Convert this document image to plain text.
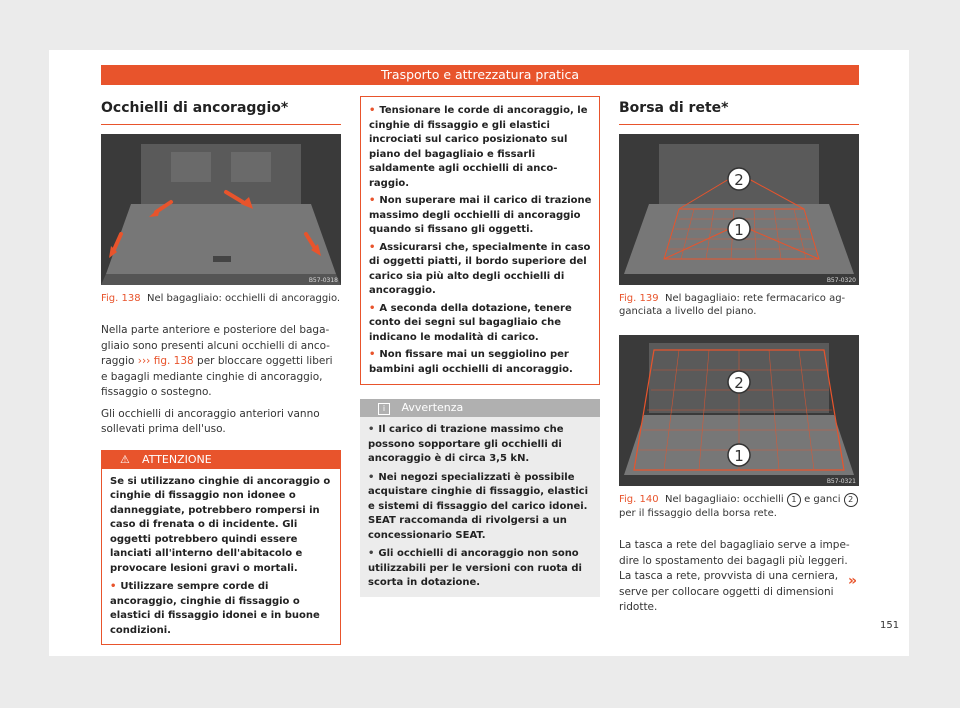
Trasporto e attrezzatura pratica
Occhielli di ancoraggio*
B57-0318
Fig. 138 Nel bagagliaio: occhielli di ancoraggio.

Nella parte anteriore e posteriore del bagagliaio sono presenti alcuni occhielli di ancoraggio ››› fig. 138 per bloccare oggetti liberi e bagagli mediante cinghie di ancoraggio, fissaggio o sostegno.

Gli occhielli di ancoraggio anteriori vanno sollevati prima dell'uso.

⚠ ATTENZIONE

Se si utilizzano cinghie di ancoraggio o cinghie di fissaggio non idonee o danneggiate, potrebbero rompersi in caso di frenata o di incidente. Gli oggetti potrebbero quindi essere lanciati all'interno dell'abitacolo e provocare lesioni gravi o mortali.

• Utilizzare sempre corde di ancoraggio, cinghie di fissaggio o elastici di fissaggio idonei e in buone condizioni.

• Tensionare le corde di ancoraggio, le cinghie di fissaggio e gli elastici incrociati sul carico posizionato sul piano del bagagliaio e fissarli saldamente agli occhielli di ancoraggio.

• Non superare mai il carico di trazione massimo degli occhielli di ancoraggio quando si fissano gli oggetti.

• Assicurarsi che, specialmente in caso di oggetti piatti, il bordo superiore del carico sia più alto degli occhielli di ancoraggio.

• A seconda della dotazione, tenere conto dei segni sul bagagliaio che indicano le modalità di carico.

• Non fissare mai un seggiolino per bambini agli occhielli di ancoraggio.

i Avvertenza

• Il carico di trazione massimo che possono sopportare gli occhielli di ancoraggio è di circa 3,5 kN.

• Nei negozi specializzati è possibile acquistare cinghie di fissaggio, elastici e sistemi di fissaggio del carico idonei. SEAT raccomanda di rivolgersi a un concessionario SEAT.

• Gli occhielli di ancoraggio non sono utilizzabili per le versioni con ruota di scorta in dotazione.

Borsa di rete*
2
1
B57-0320
Fig. 139 Nel bagagliaio: rete fermacarico agganciata a livello del piano.
2
1
B57-0321
Fig. 140 Nel bagagliaio: occhielli 1 e ganci 2 per il fissaggio della borsa rete.

La tasca a rete del bagagliaio serve a impedire lo spostamento dei bagagli più leggeri. La tasca a rete, provvista di una cerniera, serve per collocare oggetti di dimensioni ridotte.

»
151
